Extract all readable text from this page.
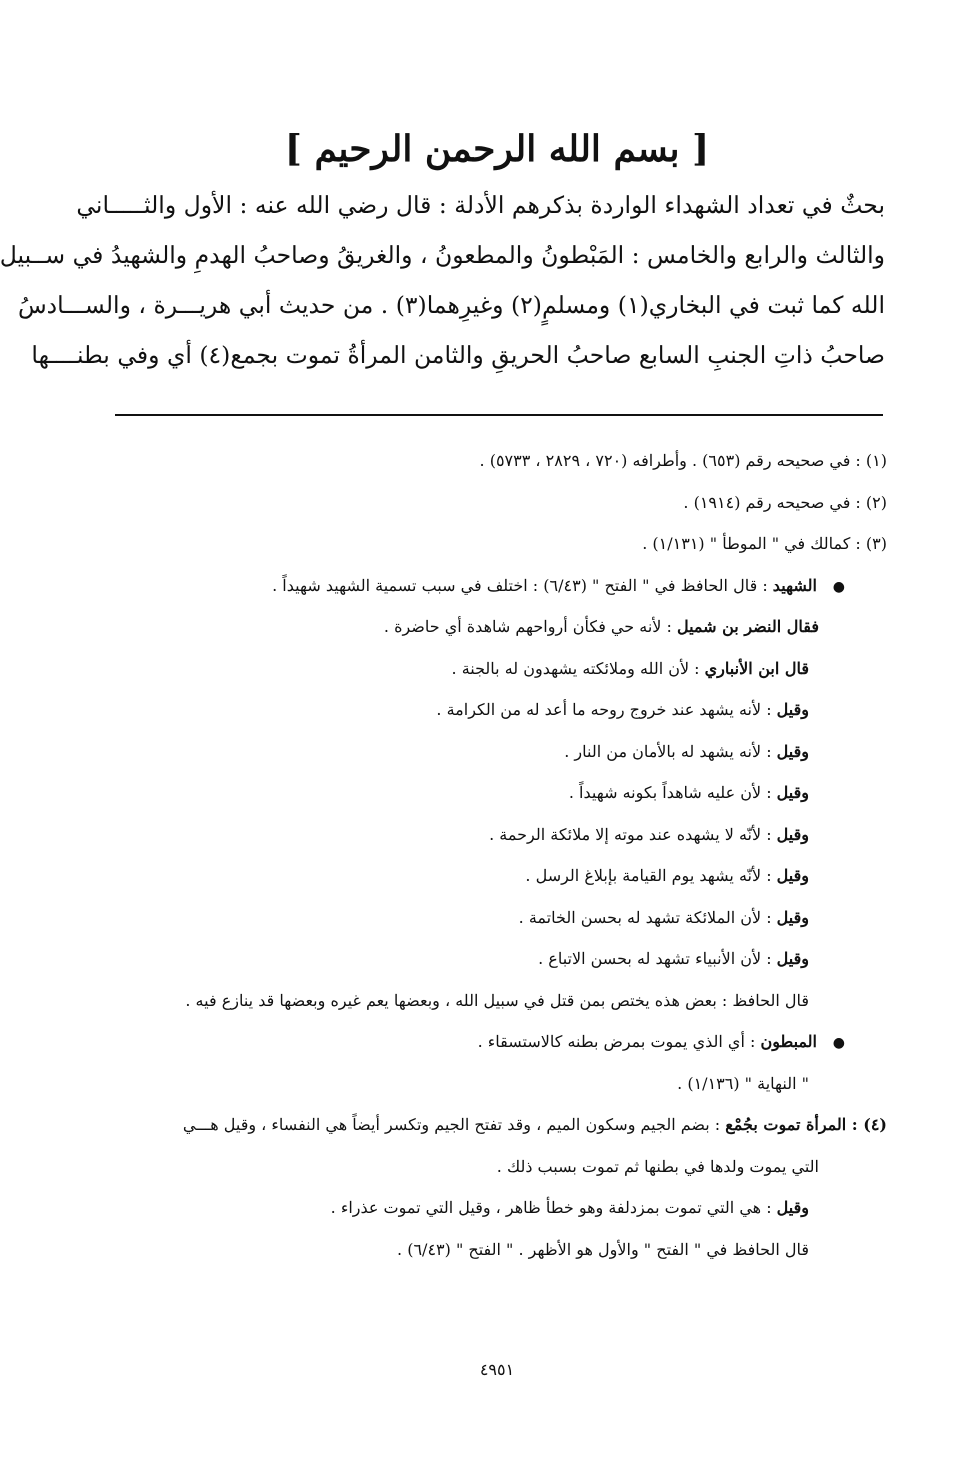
[ بسم الله الرحمن الرحيم ]
بحثٌ في تعداد الشهداء الواردة بذكرهم الأدلة : قال رضي الله عنه : الأول والثـــــاني
والثالث والرابع والخامس : المَبْطونُ والمطعونُ ، والغريقُ وصاحبُ الهدمِ والشهيدُ في ســبيل
الله كما ثبت في البخاري(١) ومسلمٍ(٢) وغيرِهما(٣) . من حديث أبي هريـــرة ، والســـادسُ
صاحبُ ذاتِ الجنبِ السابع صاحبُ الحريقِ والثامن المرأةُ تموت بجمع(٤) أي وفي بطنــــها
(١) : في صحيحه رقم (٦٥٣) . وأطرافه (٧٢٠ ، ٢٨٢٩ ، ٥٧٣٣) .
(٢) : في صحيحه رقم (١٩١٤) .
(٣) : كمالك في " الموطأ " (١/١٣١) .
●الشهيد : قال الحافظ في " الفتح " (٦/٤٣) : اختلف في سبب تسمية الشهيد شهيداً .
فقال النضر بن شميل : لأنه حي فكأن أرواحهم شاهدة أي حاضرة .
قال ابن الأنباري : لأن الله وملائكته يشهدون له بالجنة .
وقيل : لأنه يشهد عند خروج روحه ما أعد له من الكرامة .
وقيل : لأنه يشهد له بالأمان من النار .
وقيل : لأن عليه شاهداً بكونه شهيداً .
وقيل : لأنّه لا يشهده عند موته إلا ملائكة الرحمة .
وقيل : لأنّه يشهد يوم القيامة بإبلاغ الرسل .
وقيل : لأن الملائكة تشهد له بحسن الخاتمة .
وقيل : لأن الأنبياء تشهد له بحسن الاتباع .
قال الحافظ : بعض هذه يختص بمن قتل في سبيل الله ، وبعضها يعم غيره وبعضها قد ينازع فيه .
●المبطون : أي الذي يموت بمرض بطنه كالاستسقاء .
" النهاية " (١/١٣٦) .
(٤) : المرأة تموت بجُمْع : بضم الجيم وسكون الميم ، وقد تفتح الجيم وتكسر أيضاً هي النفساء ، وقيل هـــي
التي يموت ولدها في بطنها ثم تموت بسبب ذلك .
وقيل : هي التي تموت بمزدلفة وهو خطأ ظاهر ، وقيل التي تموت عذراء .
قال الحافظ في " الفتح " والأول هو الأظهر . " الفتح " (٦/٤٣) .
٤٩٥١
